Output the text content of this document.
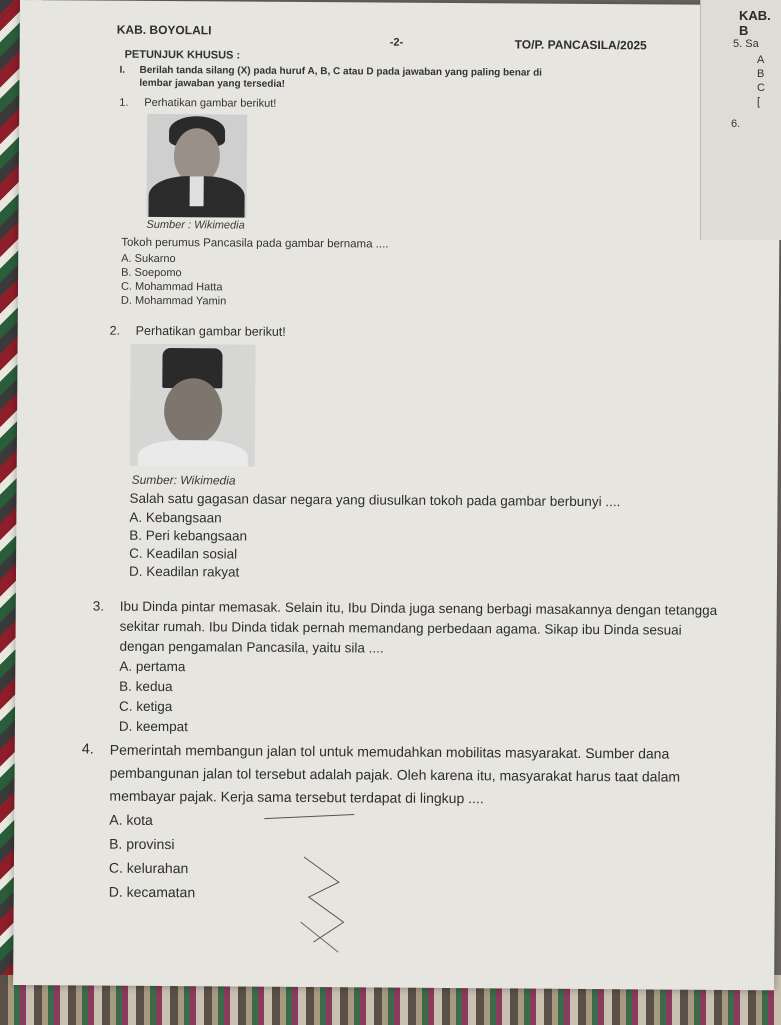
KAB. BOYOLALI
-2-	TO/P. PANCASILA/2025
PETUNJUK KHUSUS :
I. Berilah tanda silang (X) pada huruf A, B, C atau D pada jawaban yang paling benar di
lembar jawaban yang tersedia!
1. Perhatikan gambar berikut!
Sumber : Wikimedia
Tokoh perumus Pancasila pada gambar bernama ....
A. Sukarno
B. Soepomo
C. Mohammad Hatta
D. Mohammad Yamin
2. Perhatikan gambar berikut!
Sumber: Wikimedia
Salah satu gagasan dasar negara yang diusulkan tokoh pada gambar berbunyi ....
A. Kebangsaan
B. Peri kebangsaan
C. Keadilan sosial
D. Keadilan rakyat
3. Ibu Dinda pintar memasak. Selain itu, Ibu Dinda juga senang berbagi masakannya dengan tetangga
sekitar rumah. Ibu Dinda tidak pernah memandang perbedaan agama. Sikap ibu Dinda sesuai
dengan pengamalan Pancasila, yaitu sila ....
A. pertama
B. kedua
C. ketiga
D. keempat
4. Pemerintah membangun jalan tol untuk memudahkan mobilitas masyarakat. Sumber dana
pembangunan jalan tol tersebut adalah pajak. Oleh karena itu, masyarakat harus taat dalam
membayar pajak. Kerja sama tersebut terdapat di lingkup ....
A. kota
B. provinsi
C. kelurahan
D. kecamatan
KAB. B
5. Sa
A
B
C
[
6.
